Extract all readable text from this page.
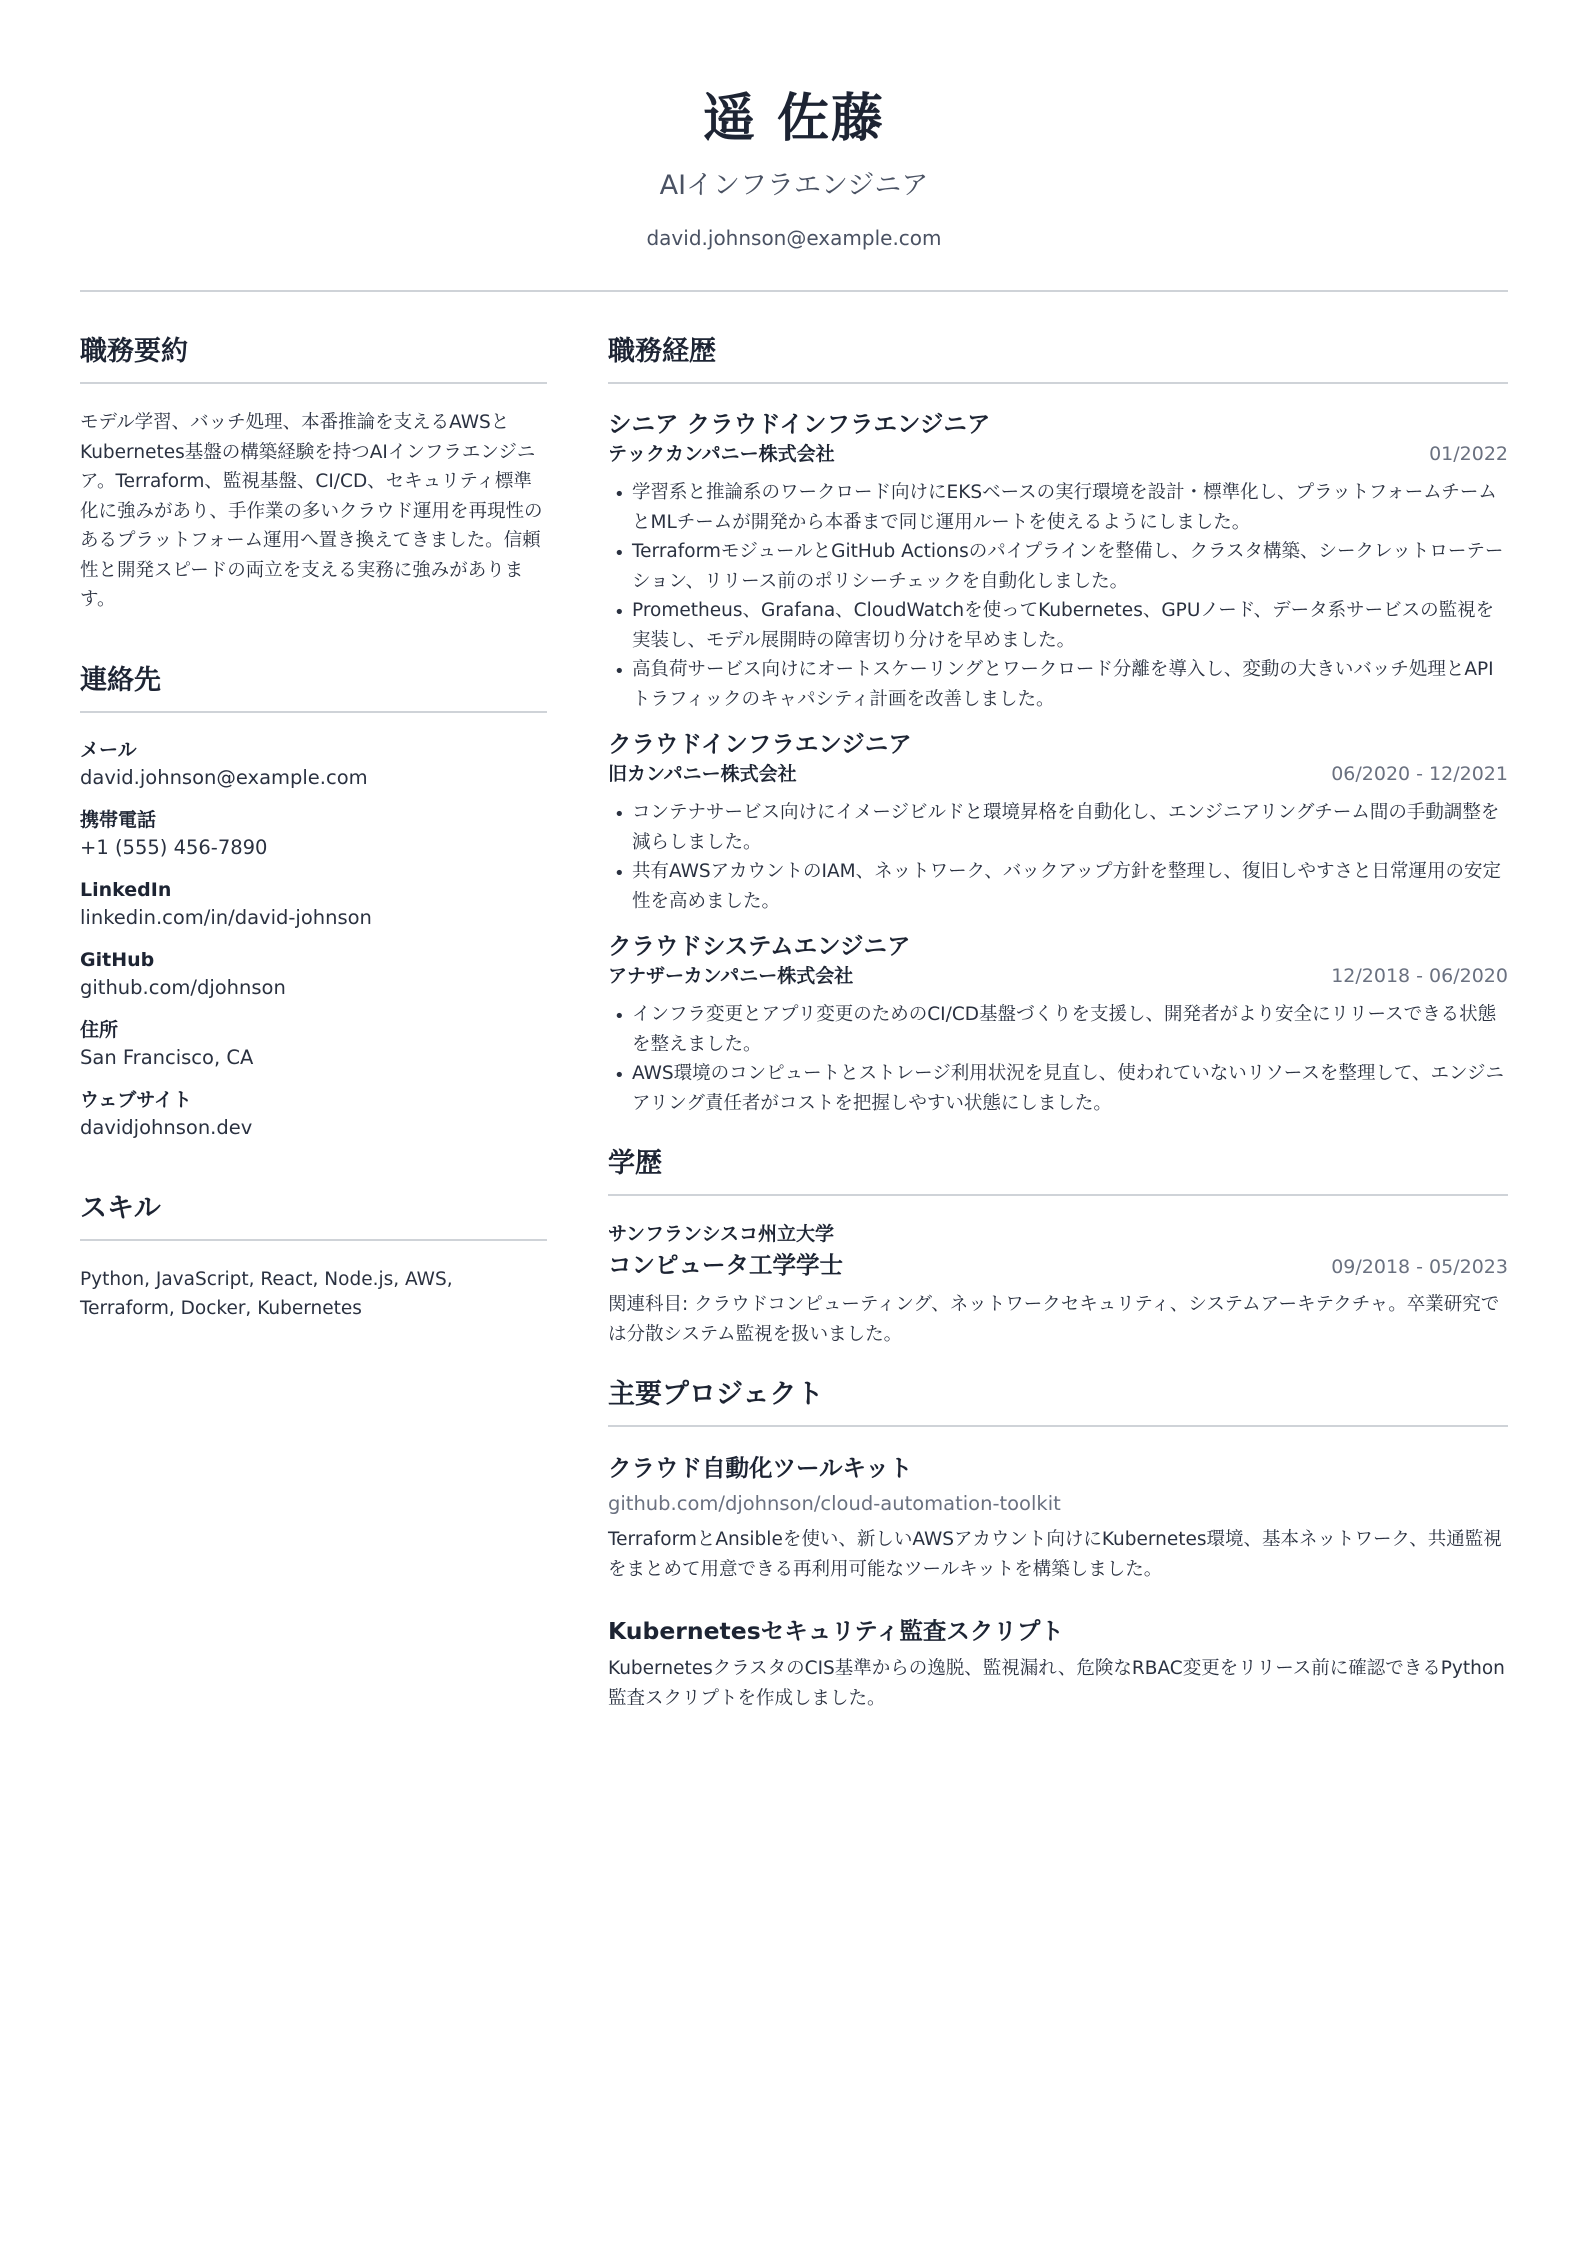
遥 佐藤
AIインフラエンジニア
david.johnson@example.com
職務要約

モデル学習、バッチ処理、本番推論を支えるAWSとKubernetes基盤の構築経験を持つAIインフラエンジニア。Terraform、監視基盤、CI/CD、セキュリティ標準化に強みがあり、手作業の多いクラウド運用を再現性のあるプラットフォーム運用へ置き換えてきました。信頼性と開発スピードの両立を支える実務に強みがあります。

連絡先
メール
david.johnson@example.com
携帯電話
+1 (555) 456-7890
LinkedIn
linkedin.com/in/david-johnson
GitHub
github.com/djohnson
住所
San Francisco, CA
ウェブサイト
davidjohnson.dev
スキル

Python, JavaScript, React, Node.js, AWS, Terraform, Docker, Kubernetes

職務経歴
シニア クラウドインフラエンジニア
テックカンパニー株式会社	01/2022
• 学習系と推論系のワークロード向けにEKSベースの実行環境を設計・標準化し、プラットフォームチームとMLチームが開発から本番まで同じ運用ルートを使えるようにしました。
• TerraformモジュールとGitHub Actionsのパイプラインを整備し、クラスタ構築、シークレットローテーション、リリース前のポリシーチェックを自動化しました。
• Prometheus、Grafana、CloudWatchを使ってKubernetes、GPUノード、データ系サービスの監視を実装し、モデル展開時の障害切り分けを早めました。
• 高負荷サービス向けにオートスケーリングとワークロード分離を導入し、変動の大きいバッチ処理とAPIトラフィックのキャパシティ計画を改善しました。
クラウドインフラエンジニア
旧カンパニー株式会社	06/2020 - 12/2021
• コンテナサービス向けにイメージビルドと環境昇格を自動化し、エンジニアリングチーム間の手動調整を減らしました。
• 共有AWSアカウントのIAM、ネットワーク、バックアップ方針を整理し、復旧しやすさと日常運用の安定性を高めました。
クラウドシステムエンジニア
アナザーカンパニー株式会社	12/2018 - 06/2020
• インフラ変更とアプリ変更のためのCI/CD基盤づくりを支援し、開発者がより安全にリリースできる状態を整えました。
• AWS環境のコンピュートとストレージ利用状況を見直し、使われていないリソースを整理して、エンジニアリング責任者がコストを把握しやすい状態にしました。
学歴
サンフランシスコ州立大学
コンピュータ工学学士	09/2018 - 05/2023

関連科目: クラウドコンピューティング、ネットワークセキュリティ、システムアーキテクチャ。卒業研究では分散システム監視を扱いました。

主要プロジェクト
クラウド自動化ツールキット
github.com/djohnson/cloud-automation-toolkit

TerraformとAnsibleを使い、新しいAWSアカウント向けにKubernetes環境、基本ネットワーク、共通監視をまとめて用意できる再利用可能なツールキットを構築しました。

Kubernetesセキュリティ監査スクリプト

KubernetesクラスタのCIS基準からの逸脱、監視漏れ、危険なRBAC変更をリリース前に確認できるPython監査スクリプトを作成しました。
